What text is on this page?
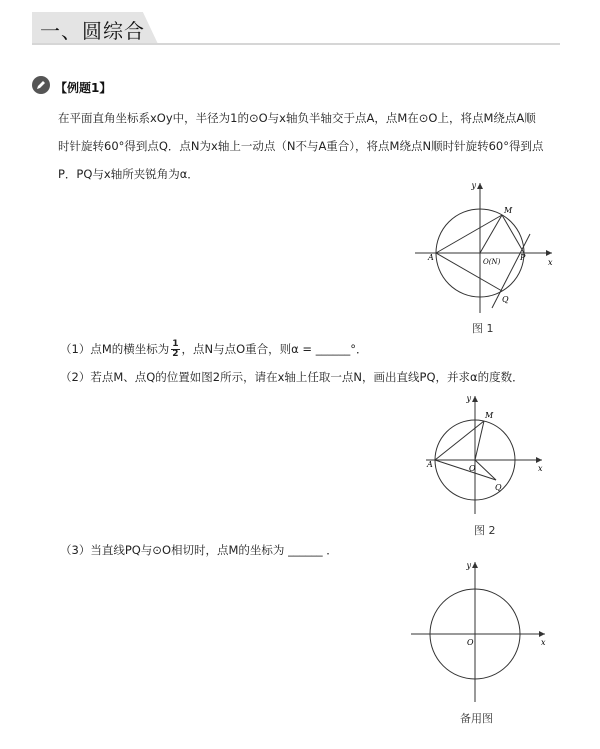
一、圆综合
【例题1】
在平面直角坐标系xOy中，半径为1的⊙O与x轴负半轴交于点A，点M在⊙O上，将点M绕点A顺
时针旋转60°得到点Q．点N为x轴上一动点（N不与A重合），将点M绕点N顺时针旋转60°得到点
P．PQ与x轴所夹锐角为α．
y
x
A
M
O(N) P
Q
图 1
（1）点M的横坐标为 $\frac{1}{2}$ ，点N与点O重合，则α = ______°．
（2）若点M、点Q的位置如图2所示，请在x轴上任取一点N，画出直线PQ，并求α的度数．
y
x
A
M
O
Q
图 2
（3）当直线PQ与⊙O相切时，点M的坐标为 ______ ．
y
x
O
备用图
